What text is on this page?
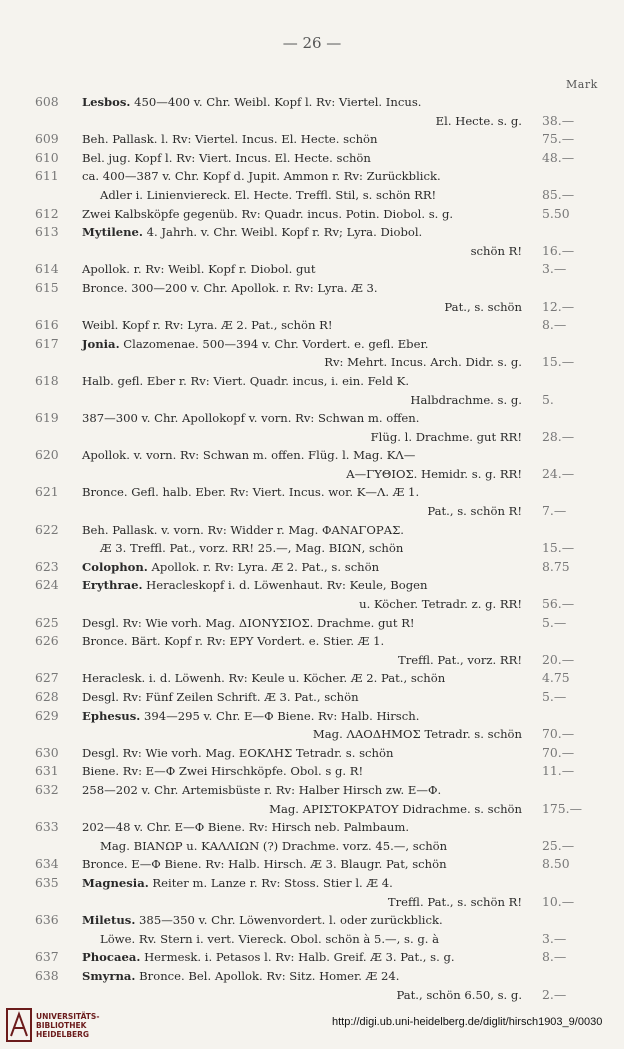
— 26 —
Mark
608	Lesbos. 450—400 v. Chr. Weibl. Kopf l. Rv: Viertel. Incus.
El. Hecte. s. g.	38.—
609	Beh. Pallask. l. Rv: Viertel. Incus. El. Hecte. schön	75.—
610	Bel. jug. Kopf l. Rv: Viert. Incus. El. Hecte. schön	48.—
611	ca. 400—387 v. Chr. Kopf d. Jupit. Ammon r. Rv: Zurückblick.
Adler i. Linienviereck. El. Hecte. Treffl. Stil, s. schön RR!	85.—
612	Zwei Kalbsköpfe gegenüb. Rv: Quadr. incus. Potin. Diobol. s. g.	5.50
613	Mytilene. 4. Jahrh. v. Chr. Weibl. Kopf r. Rv; Lyra. Diobol.
schön R!	16.—
614	Apollok. r. Rv: Weibl. Kopf r. Diobol. gut	3.—
615	Bronce. 300—200 v. Chr. Apollok. r. Rv: Lyra. Æ 3.
Pat., s. schön	12.—
616	Weibl. Kopf r. Rv: Lyra. Æ 2. Pat., schön R!	8.—
617	Jonia. Clazomenae. 500—394 v. Chr. Vordert. e. gefl. Eber.
Rv: Mehrt. Incus. Arch. Didr. s. g.	15.—
618	Halb. gefl. Eber r. Rv: Viert. Quadr. incus, i. ein. Feld K.
Halbdrachme. s. g.	5.
619	387—300 v. Chr. Apollokopf v. vorn. Rv: Schwan m. offen.
Flüg. l. Drachme. gut RR!	28.—
620	Apollok. v. vorn. Rv: Schwan m. offen. Flüg. l. Mag. ΚΛ—
Α—ΓΥΘΙΟΣ. Hemidr. s. g. RR!	24.—
621	Bronce. Gefl. halb. Eber. Rv: Viert. Incus. wor. Κ—Λ. Æ 1.
Pat., s. schön R!	7.—
622	Beh. Pallask. v. vorn. Rv: Widder r. Mag. ΦΑΝΑΓΟΡΑΣ.
Æ 3. Treffl. Pat., vorz. RR! 25.—, Mag. ΒΙΩΝ, schön	15.—
623	Colophon. Apollok. r. Rv: Lyra. Æ 2. Pat., s. schön	8.75
624	Erythrae. Heracleskopf i. d. Löwenhaut. Rv: Keule, Bogen
u. Köcher. Tetradr. z. g. RR!	56.—
625	Desgl. Rv: Wie vorh. Mag. ΔΙΟΝΥΣΙΟΣ. Drachme. gut R!	5.—
626	Bronce. Bärt. Kopf r. Rv: ΕΡΥ Vordert. e. Stier. Æ 1.
Treffl. Pat., vorz. RR!	20.—
627	Heraclesk. i. d. Löwenh. Rv: Keule u. Köcher. Æ 2. Pat., schön	4.75
628	Desgl. Rv: Fünf Zeilen Schrift. Æ 3. Pat., schön	5.—
629	Ephesus. 394—295 v. Chr. Ε—Φ Biene. Rv: Halb. Hirsch.
Mag. ΛΑΟΔΗΜΟΣ Tetradr. s. schön	70.—
630	Desgl. Rv: Wie vorh. Mag. ΕΟΚΛΗΣ Tetradr. s. schön	70.—
631	Biene. Rv: Ε—Φ Zwei Hirschköpfe. Obol. s g. R!	11.—
632	258—202 v. Chr. Artemisbüste r. Rv: Halber Hirsch zw. Ε—Φ.
Mag. ΑΡΙΣΤΟΚΡΑΤΟΥ Didrachme. s. schön	175.—
633	202—48 v. Chr. Ε—Φ Biene. Rv: Hirsch neb. Palmbaum.
Mag. ΒΙΑΝΩΡ u. ΚΑΛΛΙΩΝ (?) Drachme. vorz. 45.—, schön	25.—
634	Bronce. Ε—Φ Biene. Rv: Halb. Hirsch. Æ 3. Blaugr. Pat, schön	8.50
635	Magnesia. Reiter m. Lanze r. Rv: Stoss. Stier l. Æ 4.
Treffl. Pat., s. schön R!	10.—
636	Miletus. 385—350 v. Chr. Löwenvordert. l. oder zurückblick.
Löwe. Rv. Stern i. vert. Viereck. Obol. schön à 5.—, s. g. à	3.—
637	Phocaea. Hermesk. i. Petasos l. Rv: Halb. Greif. Æ 3. Pat., s. g.	8.—
638	Smyrna. Bronce. Bel. Apollok. Rv: Sitz. Homer. Æ 24.
Pat., schön 6.50, s. g.	2.—
UNIVERSITÄTS-
BIBLIOTHEK
HEIDELBERG
http://digi.ub.uni-heidelberg.de/diglit/hirsch1903_9/0030
